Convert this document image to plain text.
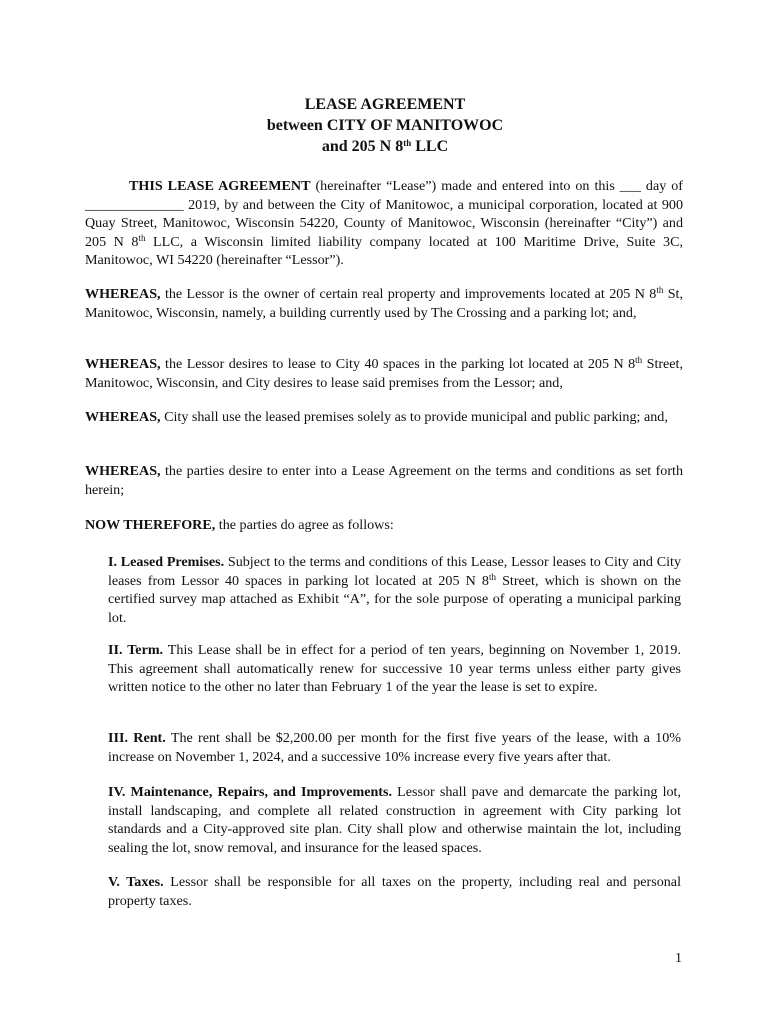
LEASE AGREEMENT
between CITY OF MANITOWOC
and 205 N 8th LLC

THIS LEASE AGREEMENT (hereinafter “Lease”) made and entered into on this ___ day of ______________ 2019, by and between the City of Manitowoc, a municipal corporation, located at 900 Quay Street, Manitowoc, Wisconsin 54220, County of Manitowoc, Wisconsin (hereinafter “City”) and 205 N 8th LLC, a Wisconsin limited liability company located at 100 Maritime Drive, Suite 3C, Manitowoc, WI 54220 (hereinafter “Lessor”).

WHEREAS, the Lessor is the owner of certain real property and improvements located at 205 N 8th St, Manitowoc, Wisconsin, namely, a building currently used by The Crossing and a parking lot; and,

WHEREAS, the Lessor desires to lease to City 40 spaces in the parking lot located at 205 N 8th Street, Manitowoc, Wisconsin, and City desires to lease said premises from the Lessor; and,

WHEREAS, City shall use the leased premises solely as to provide municipal and public parking; and,

WHEREAS, the parties desire to enter into a Lease Agreement on the terms and conditions as set forth herein;

NOW THEREFORE, the parties do agree as follows:

I. Leased Premises. Subject to the terms and conditions of this Lease, Lessor leases to City and City leases from Lessor 40 spaces in parking lot located at 205 N 8th Street, which is shown on the certified survey map attached as Exhibit “A”, for the sole purpose of operating a municipal parking lot.

II. Term. This Lease shall be in effect for a period of ten years, beginning on November 1, 2019. This agreement shall automatically renew for successive 10 year terms unless either party gives written notice to the other no later than February 1 of the year the lease is set to expire.

III. Rent. The rent shall be $2,200.00 per month for the first five years of the lease, with a 10% increase on November 1, 2024, and a successive 10% increase every five years after that.

IV. Maintenance, Repairs, and Improvements. Lessor shall pave and demarcate the parking lot, install landscaping, and complete all related construction in agreement with City parking lot standards and a City-approved site plan. City shall plow and otherwise maintain the lot, including sealing the lot, snow removal, and insurance for the leased spaces.

V. Taxes. Lessor shall be responsible for all taxes on the property, including real and personal property taxes.

1
